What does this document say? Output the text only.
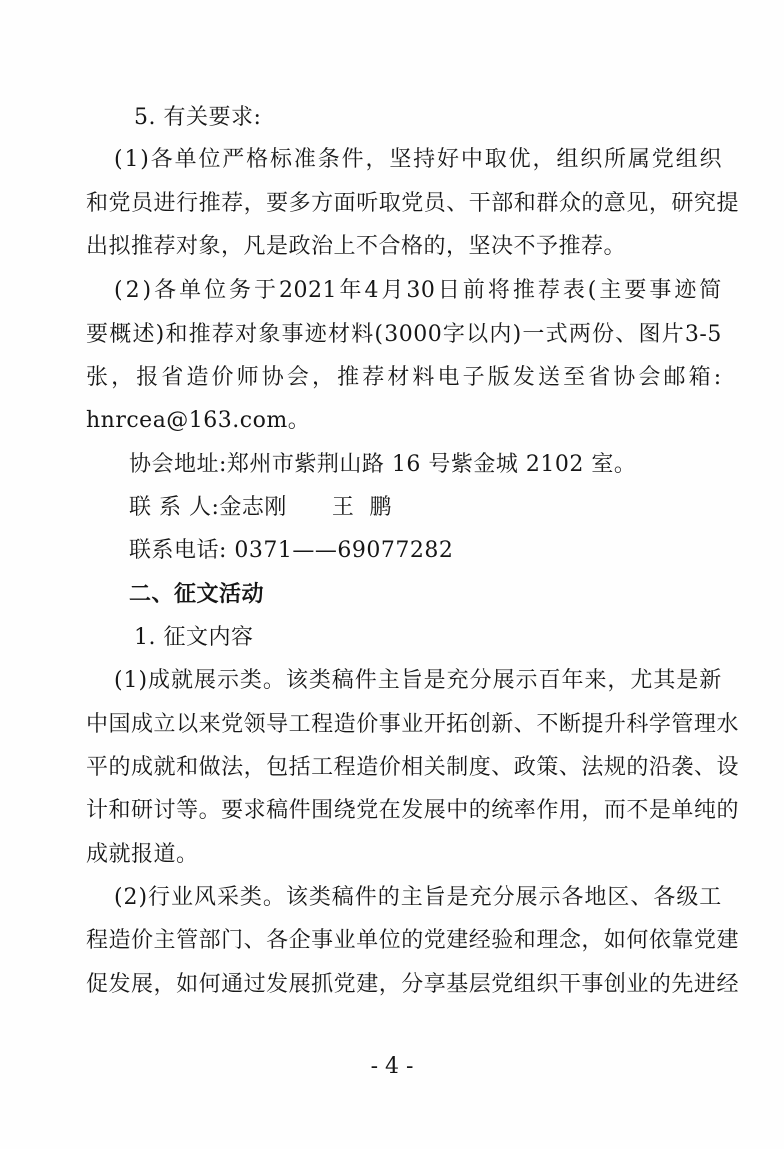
5. 有关要求:
( 1 ) 各 单 位 严 格 标 准 条 件 ， 坚 持 好 中 取 优 ， 组 织 所 属 党 组 织
和 党 员 进 行 推 荐 ， 要 多 方 面 听 取 党 员 、 干 部 和 群 众 的 意 见 ， 研 究 提
出拟推荐对象，凡是政治上不合格的，坚决不予推荐。
( 2 ) 各 单 位 务 于 2021 年 4 月 30 日 前 将 推 荐 表 ( 主 要 事 迹 简
要 概 述 ) 和 推 荐 对 象 事 迹 材 料 ( 3000 字 以 内 ) 一 式 两 份 、 图 片 3-5
张 ， 报 省 造 价 师 协 会 ， 推 荐 材 料 电 子 版 发 送 至 省 协 会 邮 箱 :
hnrcea@163.com。
协会地址:郑州市紫荆山路 16 号紫金城 2102 室。
联 系 人:金志刚      王  鹏
联系电话: 0371——69077282
二、征文活动
1. 征文内容
( 1 ) 成 就 展 示 类 。 该 类 稿 件 主 旨 是 充 分 展 示 百 年 来 ， 尤 其 是 新
中 国 成 立 以 来 党 领 导 工 程 造 价 事 业 开 拓 创 新 、 不 断 提 升 科 学 管 理 水
平 的 成 就 和 做 法 ， 包 括 工 程 造 价 相 关 制 度 、 政 策 、 法 规 的 沿 袭 、 设
计 和 研 讨 等 。 要 求 稿 件 围 绕 党 在 发 展 中 的 统 率 作 用 ， 而 不 是 单 纯 的
成就报道。
( 2 ) 行 业 风 采 类 。 该 类 稿 件 的 主 旨 是 充 分 展 示 各 地 区 、 各 级 工
程 造 价 主 管 部 门 、 各 企 事 业 单 位 的 党 建 经 验 和 理 念 ， 如 何 依 靠 党 建
促 发 展 ， 如 何 通 过 发 展 抓 党 建 ， 分 享 基 层 党 组 织 干 事 创 业 的 先 进 经
- 4 -
